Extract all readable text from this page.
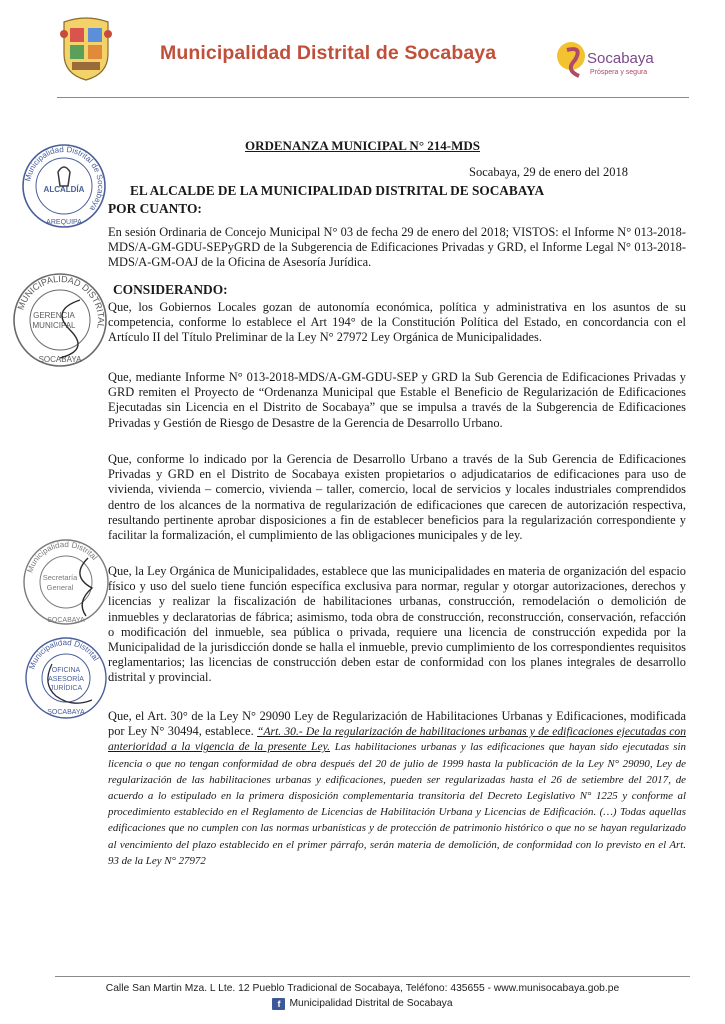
Municipalidad Distrital de Socabaya	Socabaya
Próspera y segura
ORDENANZA MUNICIPAL N° 214-MDS
Socabaya, 29 de enero del 2018
EL ALCALDE DE LA MUNICIPALIDAD DISTRITAL DE SOCABAYA
POR CUANTO:

En sesión Ordinaria de Concejo Municipal N° 03 de fecha 29 de enero del 2018; VISTOS: el Informe N° 013-2018-MDS/A-GM-GDU-SEPyGRD de la Subgerencia de Edificaciones Privadas y GRD, el Informe Legal N° 013-2018-MDS/A-GM-OAJ de la Oficina de Asesoría Jurídica.

CONSIDERANDO:

Que, los Gobiernos Locales gozan de autonomía económica, política y administrativa en los asuntos de su competencia, conforme lo establece el Art 194° de la Constitución Política del Estado, en concordancia con el Artículo II del Título Preliminar de la Ley N° 27972 Ley Orgánica de Municipalidades.

Que, mediante Informe N° 013-2018-MDS/A-GM-GDU-SEP y GRD la Sub Gerencia de Edificaciones Privadas y GRD remiten el Proyecto de “Ordenanza Municipal que Estable el Beneficio de Regularización de Edificaciones Ejecutadas sin Licencia en el Distrito de Socabaya” que se impulsa a través de la Subgerencia de Edificaciones Privadas y Gestión de Riesgo de Desastre de la Gerencia de Desarrollo Urbano.

Que, conforme lo indicado por la Gerencia de Desarrollo Urbano a través de la Sub Gerencia de Edificaciones Privadas y GRD en el Distrito de Socabaya existen propietarios o adjudicatarios de edificaciones para uso de vivienda, vivienda – comercio, vivienda – taller, comercio, local de servicios y locales industriales comprendidos dentro de los alcances de la normativa de regularización de edificaciones que carecen de autorización respectiva, resultando pertinente aprobar disposiciones a fin de establecer beneficios para la regularización correspondiente y facilitar la formalización, el cumplimiento de las obligaciones municipales y de ley.

Que, la Ley Orgánica de Municipalidades, establece que las municipalidades en materia de organización del espacio físico y uso del suelo tiene función específica exclusiva para normar, regular y otorgar autorizaciones, derechos y licencias y realizar la fiscalización de habilitaciones urbanas, construcción, remodelación o demolición de inmuebles y declaratorias de fábrica; asimismo, toda obra de construcción, reconstrucción, conservación, refacción o modificación del inmueble, sea pública o privada, requiere una licencia de construcción expedida por la Municipalidad de la jurisdicción donde se halla el inmueble, previo cumplimiento de los correspondientes requisitos reglamentarios; las licencias de construcción deben estar de conformidad con los planes integrales de desarrollo distrital y provincial.

Que, el Art. 30° de la Ley N° 29090 Ley de Regularización de Habilitaciones Urbanas y Edificaciones, modificada por Ley N° 30494, establece. “Art. 30.- De la regularización de habilitaciones urbanas y de edificaciones ejecutadas con anterioridad a la vigencia de la presente Ley. Las habilitaciones urbanas y las edificaciones que hayan sido ejecutadas sin licencia o que no tengan conformidad de obra después del 20 de julio de 1999 hasta la publicación de la Ley N° 29090, Ley de regularización de las habilitaciones urbanas y edificaciones, pueden ser regularizadas hasta el 26 de setiembre del 2017, de acuerdo a lo estipulado en la primera disposición complementaria transitoria del Decreto Legislativo N° 1225 y conforme al procedimiento establecido en el Reglamento de Licencias de Habilitación Urbana y Licencias de Edificación. (…) Todas aquellas edificaciones que no cumplen con las normas urbanísticas y de protección de patrimonio histórico o que no se hayan regularizado al vencimiento del plazo establecido en el primer párrafo, serán materia de demolición, de conformidad con lo previsto en el Art. 93 de la Ley N° 27972

Municipalidad Distrital de Socabaya
ALCALDÍA
AREQUIPA
MUNICIPALIDAD DISTRITAL
GERENCIA
MUNICIPAL
SOCABAYA
Municipalidad Distrital
Secretaría
General
SOCABAYA
Municipalidad Distrital
OFICINA
ASESORÍA
JURÍDICA
SOCABAYA
Calle San Martin Mza. L Lte. 12 Pueblo Tradicional de Socabaya, Teléfono: 435655 - www.munisocabaya.gob.pe
f Municipalidad Distrital de Socabaya
